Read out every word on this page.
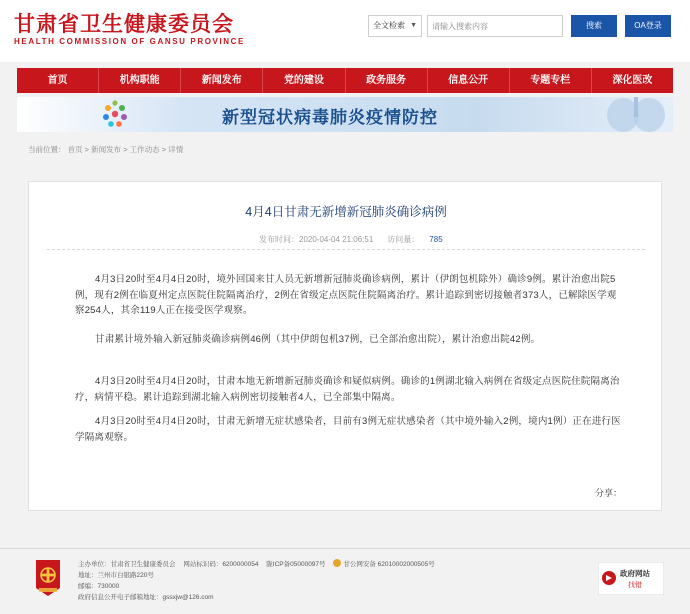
甘肃省卫生健康委员会
HEALTH COMMISSION OF GANSU PROVINCE
全文检索 ▼
请输入搜索内容	搜索	OA登录
首页	机构职能	新闻发布	党的建设	政务服务	信息公开	专题专栏	深化医改
新型冠状病毒肺炎疫情防控
当前位置： 首页 > 新闻发布 > 工作动态 > 详情
4月4日甘肃无新增新冠肺炎确诊病例
发布时间：2020-04-04 21:06:51 访问量： 785

4月3日20时至4月4日20时，境外回国来甘人员无新增新冠肺炎确诊病例，累计（伊朗包机除外）确诊9例。累计治愈出院5例，现有2例在临夏州定点医院住院隔离治疗，2例在省级定点医院住院隔离治疗。累计追踪到密切接触者373人，已解除医学观察254人，其余119人正在接受医学观察。

甘肃累计境外输入新冠肺炎确诊病例46例（其中伊朗包机37例，已全部治愈出院），累计治愈出院42例。

4月3日20时至4月4日20时，甘肃本地无新增新冠肺炎确诊和疑似病例。确诊的1例湖北输入病例在省级定点医院住院隔离治疗，病情平稳。累计追踪到湖北输入病例密切接触者4人，已全部集中隔离。

4月3日20时至4月4日20时，甘肃无新增无症状感染者，目前有3例无症状感染者（其中境外输入2例，境内1例）正在进行医学隔离观察。

分享：
主办单位：甘肃省卫生健康委员会 网站标识码：6200000054 陇ICP备05000097号	甘公网安备 62010002000505号
地址：兰州市白银路220号
邮编：730000
政府信息公开电子邮箱地址：gssxjw@126.com
政府网站
找错
